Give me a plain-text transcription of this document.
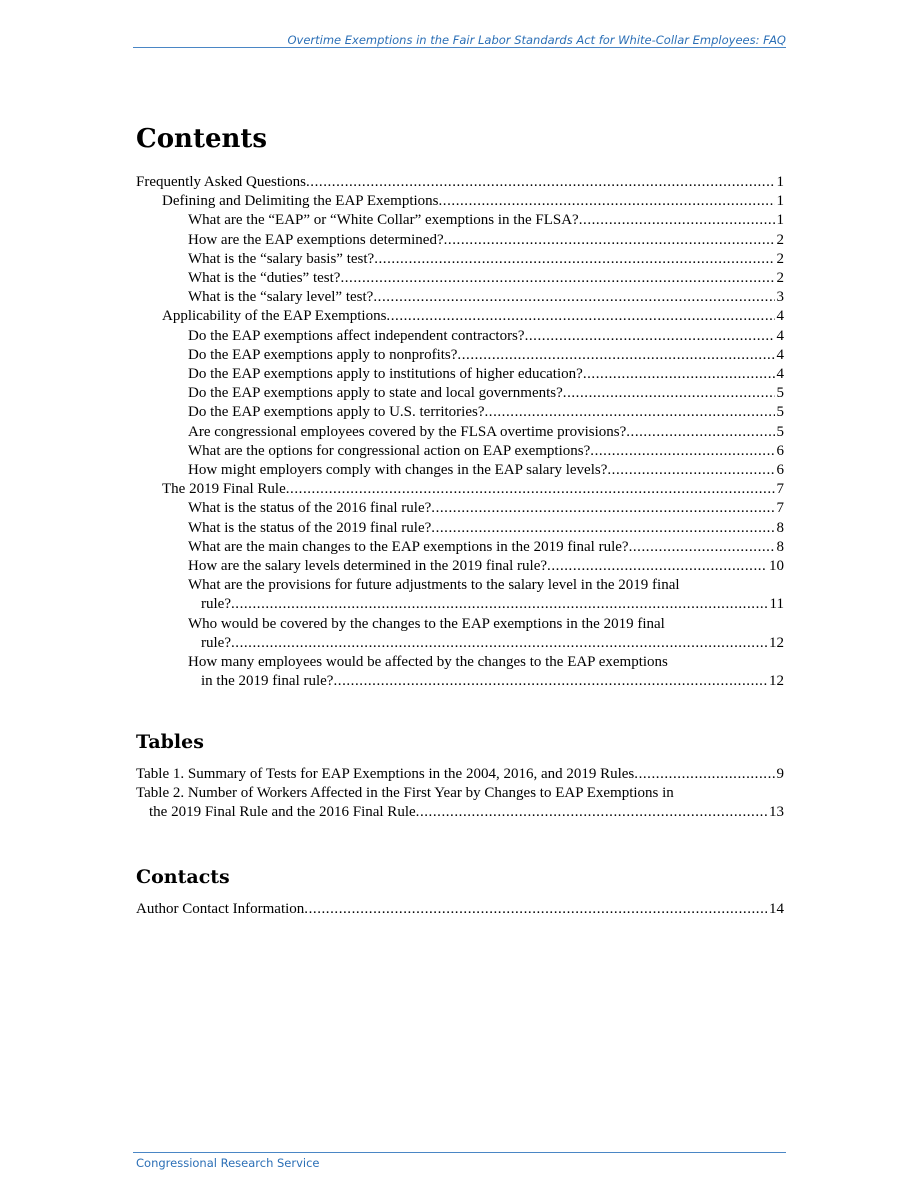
Overtime Exemptions in the Fair Labor Standards Act for White-Collar Employees: FAQ
Contents
Frequently Asked Questions . . .	1
Defining and Delimiting the EAP Exemptions . . .	1
What are the “EAP” or “White Collar” exemptions in the FLSA? . . .	1
How are the EAP exemptions determined? . . .	2
What is the “salary basis” test? . . .	2
What is the “duties” test? . . .	2
What is the “salary level” test? . . .	3
Applicability of the EAP Exemptions . . .	4
Do the EAP exemptions affect independent contractors? . . .	4
Do the EAP exemptions apply to nonprofits? . . .	4
Do the EAP exemptions apply to institutions of higher education? . . .	4
Do the EAP exemptions apply to state and local governments? . . .	5
Do the EAP exemptions apply to U.S. territories? . . .	5
Are congressional employees covered by the FLSA overtime provisions? . . .	5
What are the options for congressional action on EAP exemptions? . . .	6
How might employers comply with changes in the EAP salary levels? . . .	6
The 2019 Final Rule . . .	7
What is the status of the 2016 final rule? . . .	7
What is the status of the 2019 final rule? . . .	8
What are the main changes to the EAP exemptions in the 2019 final rule? . . .	8
How are the salary levels determined in the 2019 final rule? . . .	10
What are the provisions for future adjustments to the salary level in the 2019 final
rule? . . .	11
Who would be covered by the changes to the EAP exemptions in the 2019 final
rule? . . .	12
How many employees would be affected by the changes to the EAP exemptions
in the 2019 final rule? . . .	12
Tables
Table 1. Summary of Tests for EAP Exemptions in the 2004, 2016, and 2019 Rules . . .	9
Table 2. Number of Workers Affected in the First Year by Changes to EAP Exemptions in
the 2019 Final Rule and the 2016 Final Rule . . .	13
Contacts
Author Contact Information . . .	14
Congressional Research Service
